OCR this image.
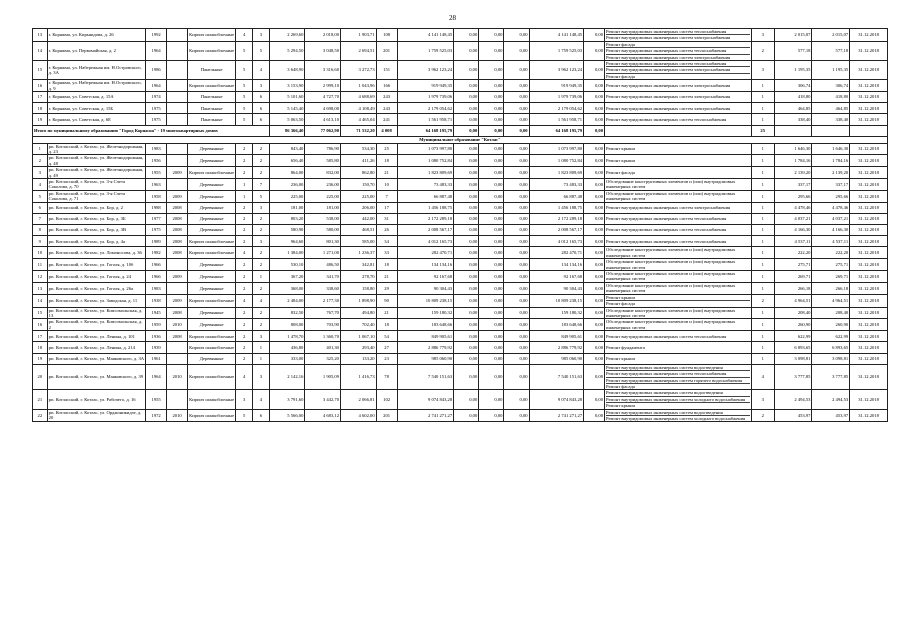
28
13	г. Коряжма, ул. Кирьяидова, д. 26	1992		Кирпич шлакоблочные	4	3	2 269,60	2 018,00	1 903,71	108	4 141 148,45	0,00	0,00	0,00	4 141 148,45	0,00	Ремонт внутридомовых инженерных систем теплоснабжения
Ремонт внутридомовых инженерных систем электроснабжения	3	2 015,07	2 015,07	31.12.2018
14	г. Коряжма, ул. Первомайская, д. 2	1964		Кирпич шлакоблочные	5	5	5 294,50	3 048,50	2 694,51	201	1 759 525,03	0,00	0,00	0,00	1 759 525,03	0,00	Ремонт фасада
Ремонт внутридомовых инженерных систем теплоснабжения
Ремонт внутридомовых инженерных систем электроснабжения	2	577,18	577,18	31.12.2018
15	г. Коряжма, ул. Набережная им. Н.Островского, д. 3А	1986		Панельные	5	4	3 648,90	3 316,60	3 272,73	151	3 962 123,24	0,00	0,00	0,00	3 962 123,24	0,00	Ремонт внутридомовых инженерных систем теплоснабжения
Ремонт внутридомовых инженерных систем электроснабжения
Ремонт фасада	3	1 195,35	1 195,35	31.12.2018
16	г. Коряжма, ул. Набережная им. Н.Островского, д. 9	1964		Кирпич шлакоблочные	5	3	3 153,90	2 999,10	1 043,96	166	919 949,35	0,00	0,00	0,00	919 949,35	0,00	Ремонт внутридомовых инженерных систем электроснабжения	1	306,74	306,74	31.12.2018
17	г. Коряжма, ул. Советская, д. 15А	1974		Панельные	5	6	5 101,60	4 727,70	4 688,69	243	1 979 739,06	0,00	0,00	0,00	1 979 739,06	0,00	Ремонт внутридомовых инженерных систем электроснабжения	1	418,80	418,80	31.12.2018
18	г. Коряжма, ул. Советская, д. 15Б	1975		Панельные	5	6	5 145,40	4 698,00	4 108,49	243	2 179 054,62	0,00	0,00	0,00	2 179 054,62	0,00	Ремонт внутридомовых инженерных систем электроснабжения	1	464,85	464,85	31.12.2018
19	г. Коряжма, ул. Советская, д. 6Е	1975		Панельные	5	6	5 063,50	4 613,10	4 465,04	241	1 561 958,71	0,00	0,00	0,00	1 561 958,71	0,00	Ремонт внутридомовых инженерных систем теплоснабжения	1	338,40	338,40	31.12.2018
Итого по муниципальному образованию "Город Коряжма" - 19 многоквартирных домов							86 366,40	77 062,90	71 532,20	4 008	64 168 195,79	0,00	0,00	0,00	64 168 195,79	0,00		25			
Муниципальное образование "Котлас"																					
1	рп. Котласский, г. Котлас, ул. Железнодорожная, д. 23	1983		Деревянные	2	2	843,40	786,90	534,30	25	1 073 997,80	0,00	0,00	0,00	1 073 997,80	0,00	Ремонт крыши	1	1 646,30	1 646,30	31.12.2018
2	рп. Котласский, г. Котлас, ул. Железнодорожная, д. 48	1956		Деревянные	2	2	656,40	585,80	411,26	18	1 080 752,84	0,00	0,00	0,00	1 080 752,84	0,00	Ремонт крыши	1	1 784,16	1 784,16	31.12.2018
3	рп. Котласский, г. Котлас, ул. Железнодорожная, д. 49	1955	2009	Кирпич шлакоблочные	2	2	864,00	832,00	862,80	21	1 823 809,69	0,00	0,00	0,00	1 823 809,69	0,00	Ремонт фасада	1	2 139,20	2 139,20	31.12.2018
4	рп. Котласский, г. Котлас, ул. 3-я Счета Соколова, д. 70	1963		Деревянные	1	7	236,00	236,00	150,70	10	73 483,33	0,00	0,00	0,00	73 483,33	0,00	Обследование конструктивных элементов и (или) внутридомовых инженерных систем	1	337,17	337,17	31.12.2018
5	рп. Котласский, г. Котлас, ул. 3-я Счета Соколова, д. 71	1958	2009	Деревянные	1	5	225,00	225,00	225,00	7	66 887,48	0,00	0,00	0,00	66 887,48	0,00	Обследование конструктивных элементов и (или) внутридомовых инженерных систем	1	295,66	295,66	31.12.2018
6	рп. Котласский, г. Котлас, ул. Бор, д. 2	1988	2008	Деревянные	2	3	181,00	181,00	206,00	17	1 456 188,75	0,00	0,00	0,00	1 456 188,75	0,00	Ремонт внутридомовых инженерных систем электроснабжения	1	4 478,46	4 478,46	31.12.2018
7	рп. Котласский, г. Котлас, ул. Бор, д. 3Б	1977	2008	Деревянные	2	2	803,20	538,00	442,00	31	2 172 289,18	0,00	0,00	0,00	2 172 289,18	0,00	Ремонт внутридомовых инженерных систем теплоснабжения	1	4 037,21	4 037,21	31.12.2018
8	рп. Котласский, г. Котлас, ул. Бор, д. 3В	1975	2008	Деревянные	2	2	580,90	580,00	468,51	26	2 008 567,17	0,00	0,00	0,00	2 008 567,17	0,00	Ремонт внутридомовых инженерных систем теплоснабжения	1	4 166,30	4 166,30	31.12.2018
9	рп. Котласский, г. Котлас, ул. Бор, д. 4а	1989	2008	Кирпич шлакоблочные	2	3	964,60	801,30	585,00	34	4 012 165,73	0,00	0,00	0,00	4 012 165,73	0,00	Ремонт внутридомовых инженерных систем теплоснабжения	1	4 537,11	4 537,11	31.12.2018
10	рп. Котласский, г. Котлас, ул. Ломоносова, д. 36	1982	2008	Кирпич шлакоблочные	4	2	1 384,00	1 271,00	1 236,37	33	282 470,71	0,00	0,00	0,00	282 470,71	0,00	Обследование конструктивных элементов и (или) внутридомовых инженерных систем	1	222,20	222,20	31.12.2018
11	рп. Котласский, г. Котлас, ул. Гоголя, д. 10б	1966		Деревянные	2	2	530,10	486,50	342,81	18	134 134,16	0,00	0,00	0,00	134 134,16	0,00	Обследование конструктивных элементов и (или) внутридомовых инженерных систем	1	275,71	275,71	31.12.2018
12	рп. Котласский, г. Котлас, ул. Гоголя, д. 24	1966	2009	Деревянные	2	1	367,20	341,70	278,70	21	92 167,68	0,00	0,00	0,00	92 167,68	0,00	Обследование конструктивных элементов и (или) внутридомовых инженерных систем	1	269,71	269,71	31.12.2018
13	рп. Котласский, г. Котлас, ул. Гоголя, д. 26а	1983		Деревянные	2	2	368,00	338,60	158,80	29	90 304,43	0,00	0,00	0,00	90 304,43	0,00	Обследование конструктивных элементов и (или) внутридомовых инженерных систем	1	266,18	266,18	31.12.2018
14	рп. Котласский, г. Котлас, ул. Заводская, д. 11	1938	2009	Кирпич шлакоблочные	4	4	2 484,00	2 177,30	1 898,90	90	10 809 238,15	0,00	0,00	0,00	10 809 238,15	0,00	Ремонт крыши
Ремонт фасада	2	4 964,51	4 964,51	31.12.2018
15	рп. Котласский, г. Котлас, ул. Комсомольская, д. 13	1945	2008	Деревянные	2	2	832,50	767,70	494,80	21	159 180,32	0,00	0,00	0,00	159 180,32	0,00	Обследование конструктивных элементов и (или) внутридомовых инженерных систем	1	208,40	208,40	31.12.2018
16	рп. Котласский, г. Котлас, ул. Комсомольская, д. 2	1959	2010	Деревянные	2	2	808,00	703,90	702,40	18	183 648,66	0,00	0,00	0,00	183 648,66	0,00	Обследование конструктивных элементов и (или) внутридомовых инженерных систем	1	260,90	260,90	31.12.2018
17	рп. Котласский, г. Котлас, ул. Ленина, д. 101	1936	2008	Кирпич шлакоблочные	2	3	1 478,70	1 360,70	1 067,10	54	849 905,61	0,00	0,00	0,00	849 905,61	0,00	Ремонт внутридомовых инженерных систем теплоснабжения	1	622,99	622,99	31.12.2018
18	рп. Котласский, г. Котлас, ул. Ленина, д. 214	1939		Кирпич шлакоблочные	2	1	436,80	401,30	293,40	27	2 886 779,92	0,00	0,00	0,00	2 886 779,92	0,00	Ремонт фундамента	1	6 893,65	6 893,65	31.12.2018
19	рп. Котласский, г. Котлас, ул. Маяковского, д. 3А	1961		Деревянные	2	1	333,00	325,20	133,20	23	985 060,90	0,00	0,00	0,00	985 060,90	0,00	Ремонт крыши	1	3 098,81	3 098,81	31.12.2018
20	рп. Котласский, г. Котлас, ул. Маяковского, д. 39	1964	2010	Кирпич шлакоблочные	4	3	2 142,16	1 905,09	1 416,73	78	7 540 151,63	0,00	0,00	0,00	7 540 151,63	0,00	Ремонт внутридомовых инженерных систем водоотведения
Ремонт внутридомовых инженерных систем теплоснабжения
Ремонт внутридомовых инженерных систем горячего водоснабжения
Ремонт фасада	4	3 777,85	3 777,85	31.12.2018
21	рп. Котласский, г. Котлас, ул. Рабочего, д. 16	1955		Кирпич шлакоблочные	3	4	3 791,60	3 442,70	2 066,81	102	9 074 843,28	0,00	0,00	0,00	9 074 843,28	0,00	Ремонт внутридомовых инженерных систем водоотведения
Ремонт внутридомовых инженерных систем холодного водоснабжения
Ремонт крыши	3	2 494,53	2 494,53	31.12.2018
22	рп. Котласский, г. Котлас, ул. Орджоникидзе, д. 20	1972	2010	Кирпич шлакоблочные	5	6	5 566,00	4 683,12	4 602,00	201	2 741 271,27	0,00	0,00	0,00	2 741 271,27	0,00	Ремонт внутридомовых инженерных систем водоотведения
Ремонт внутридомовых инженерных систем холодного водоснабжения	2	453,97	453,97	31.12.2018
